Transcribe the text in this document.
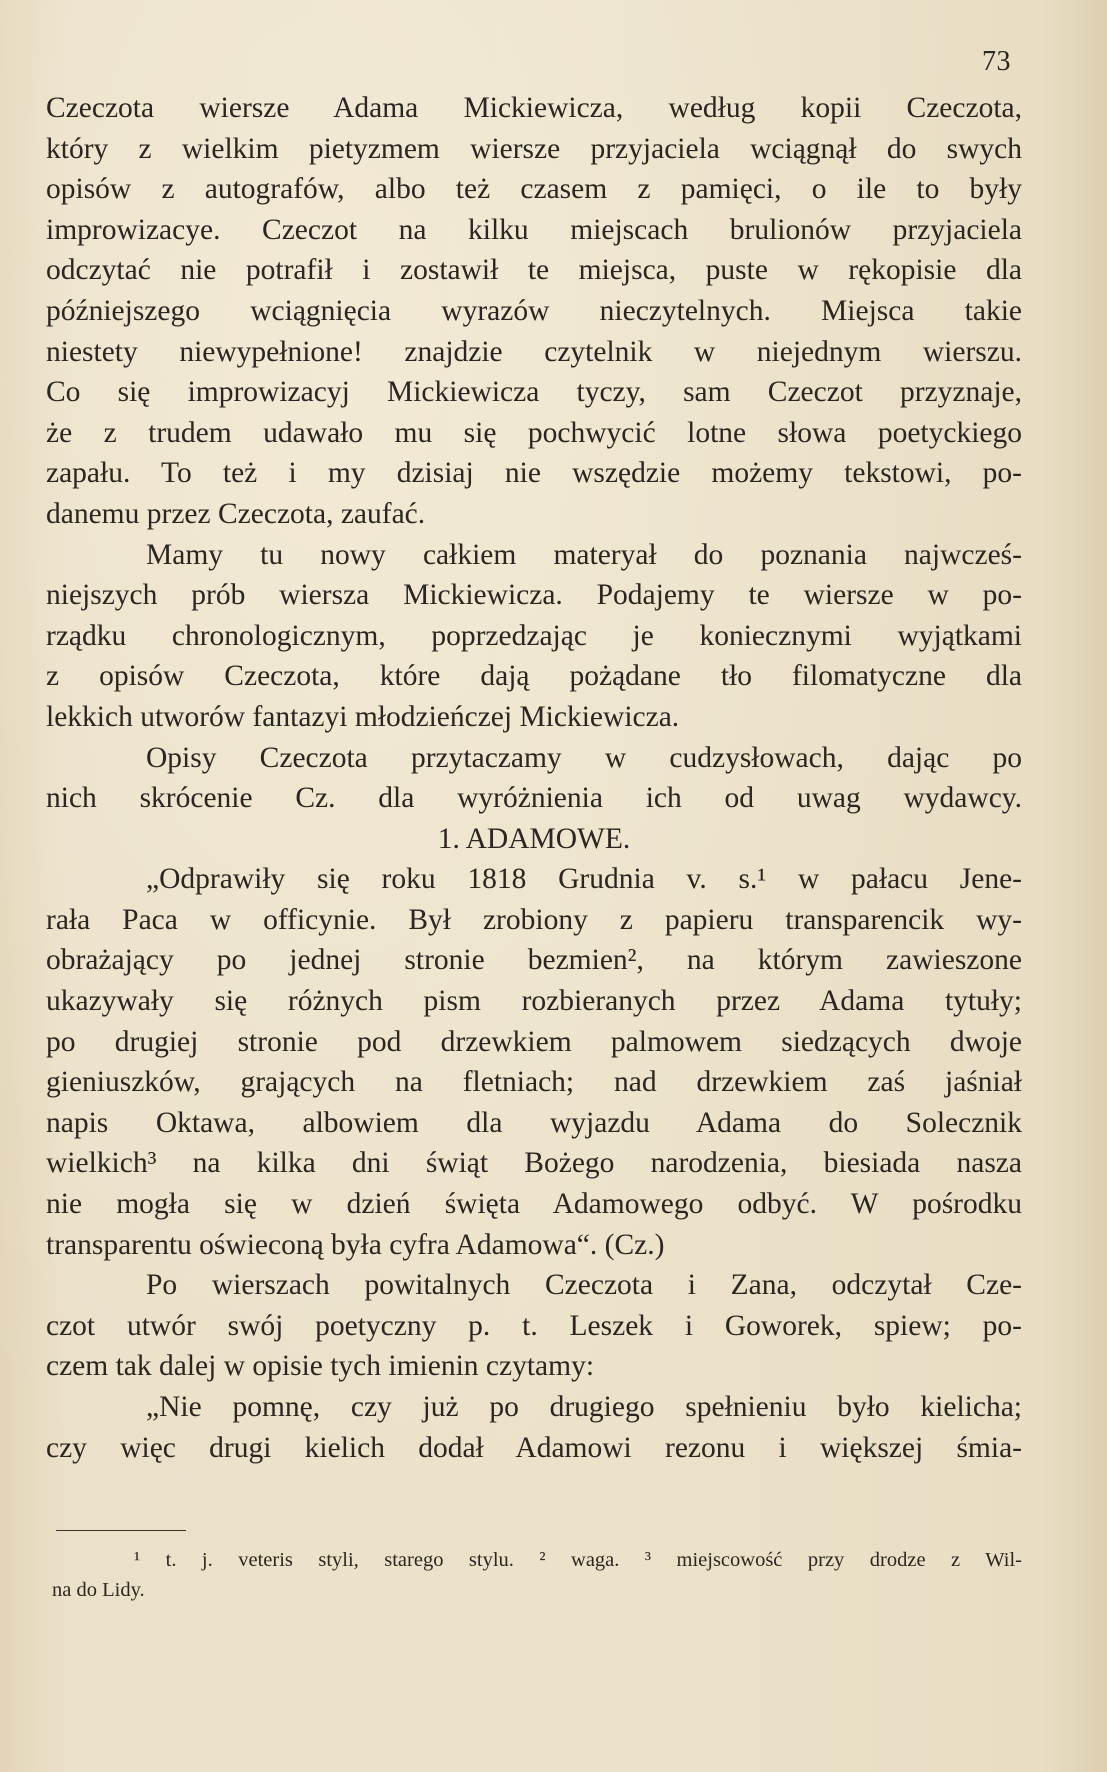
73
Czeczota wiersze Adama Mickiewicza, według kopii Czeczota,
który z wielkim pietyzmem wiersze przyjaciela wciągnął do swych
opisów z autografów, albo też czasem z pamięci, o ile to były
improwizacye. Czeczot na kilku miejscach brulionów przyjaciela
odczytać nie potrafił i zostawił te miejsca, puste w rękopisie dla
późniejszego wciągnięcia wyrazów nieczytelnych. Miejsca takie
niestety niewypełnione! znajdzie czytelnik w niejednym wierszu.
Co się improwizacyj Mickiewicza tyczy, sam Czeczot przyznaje,
że z trudem udawało mu się pochwycić lotne słowa poetyckiego
zapału. To też i my dzisiaj nie wszędzie możemy tekstowi, po-
danemu przez Czeczota, zaufać.
Mamy tu nowy całkiem materyał do poznania najwcześ-
niejszych prób wiersza Mickiewicza. Podajemy te wiersze w po-
rządku chronologicznym, poprzedzając je koniecznymi wyjątkami
z opisów Czeczota, które dają pożądane tło filomatyczne dla
lekkich utworów fantazyi młodzieńczej Mickiewicza.
Opisy Czeczota przytaczamy w cudzysłowach, dając po
nich skrócenie Cz. dla wyróżnienia ich od uwag wydawcy.
1. ADAMOWE.
„Odprawiły się roku 1818 Grudnia v. s.¹ w pałacu Jene-
rała Paca w officynie. Był zrobiony z papieru transparencik wy-
obrażający po jednej stronie bezmien², na którym zawieszone
ukazywały się różnych pism rozbieranych przez Adama tytuły;
po drugiej stronie pod drzewkiem palmowem siedzących dwoje
gieniuszków, grających na fletniach; nad drzewkiem zaś jaśniał
napis Oktawa, albowiem dla wyjazdu Adama do Solecznik
wielkich³ na kilka dni świąt Bożego narodzenia, biesiada nasza
nie mogła się w dzień święta Adamowego odbyć. W pośrodku
transparentu oświeconą była cyfra Adamowa“. (Cz.)
Po wierszach powitalnych Czeczota i Zana, odczytał Cze-
czot utwór swój poetyczny p. t. Leszek i Goworek, spiew; po-
czem tak dalej w opisie tych imienin czytamy:
„Nie pomnę, czy już po drugiego spełnieniu było kielicha;
czy więc drugi kielich dodał Adamowi rezonu i większej śmia-
¹ t. j. veteris styli, starego stylu. ² waga. ³ miejscowość przy drodze z Wil-
na do Lidy.
